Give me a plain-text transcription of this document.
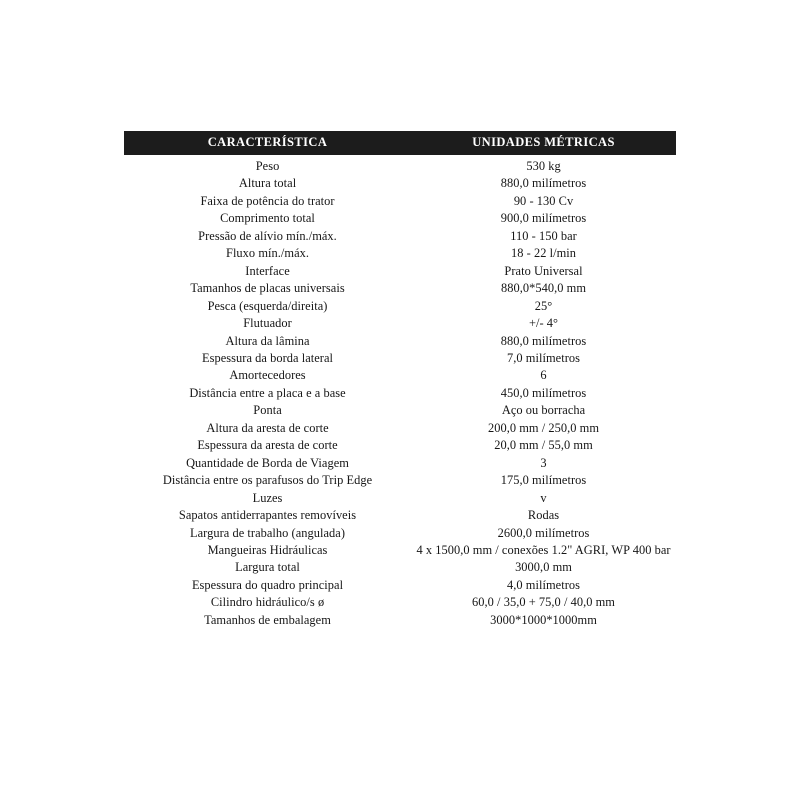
CARACTERÍSTICA	UNIDADES MÉTRICAS
Peso	530 kg
Altura total	880,0 milímetros
Faixa de potência do trator	90 - 130 Cv
Comprimento total	900,0 milímetros
Pressão de alívio mín./máx.	110 - 150 bar
Fluxo mín./máx.	18 - 22 l/min
Interface	Prato Universal
Tamanhos de placas universais	880,0*540,0 mm
Pesca (esquerda/direita)	25°
Flutuador	+/- 4°
Altura da lâmina	880,0 milímetros
Espessura da borda lateral	7,0 milímetros
Amortecedores	6
Distância entre a placa e a base	450,0 milímetros
Ponta	Aço ou borracha
Altura da aresta de corte	200,0 mm / 250,0 mm
Espessura da aresta de corte	20,0 mm / 55,0 mm
Quantidade de Borda de Viagem	3
Distância entre os parafusos do Trip Edge	175,0 milímetros
Luzes	v
Sapatos antiderrapantes removíveis	Rodas
Largura de trabalho (angulada)	2600,0 milímetros
Mangueiras Hidráulicas	4 x 1500,0 mm / conexões 1.2" AGRI, WP 400 bar
Largura total	3000,0 mm
Espessura do quadro principal	4,0 milímetros
Cilindro hidráulico/s ø	60,0 / 35,0 + 75,0 / 40,0 mm
Tamanhos de embalagem	3000*1000*1000mm
